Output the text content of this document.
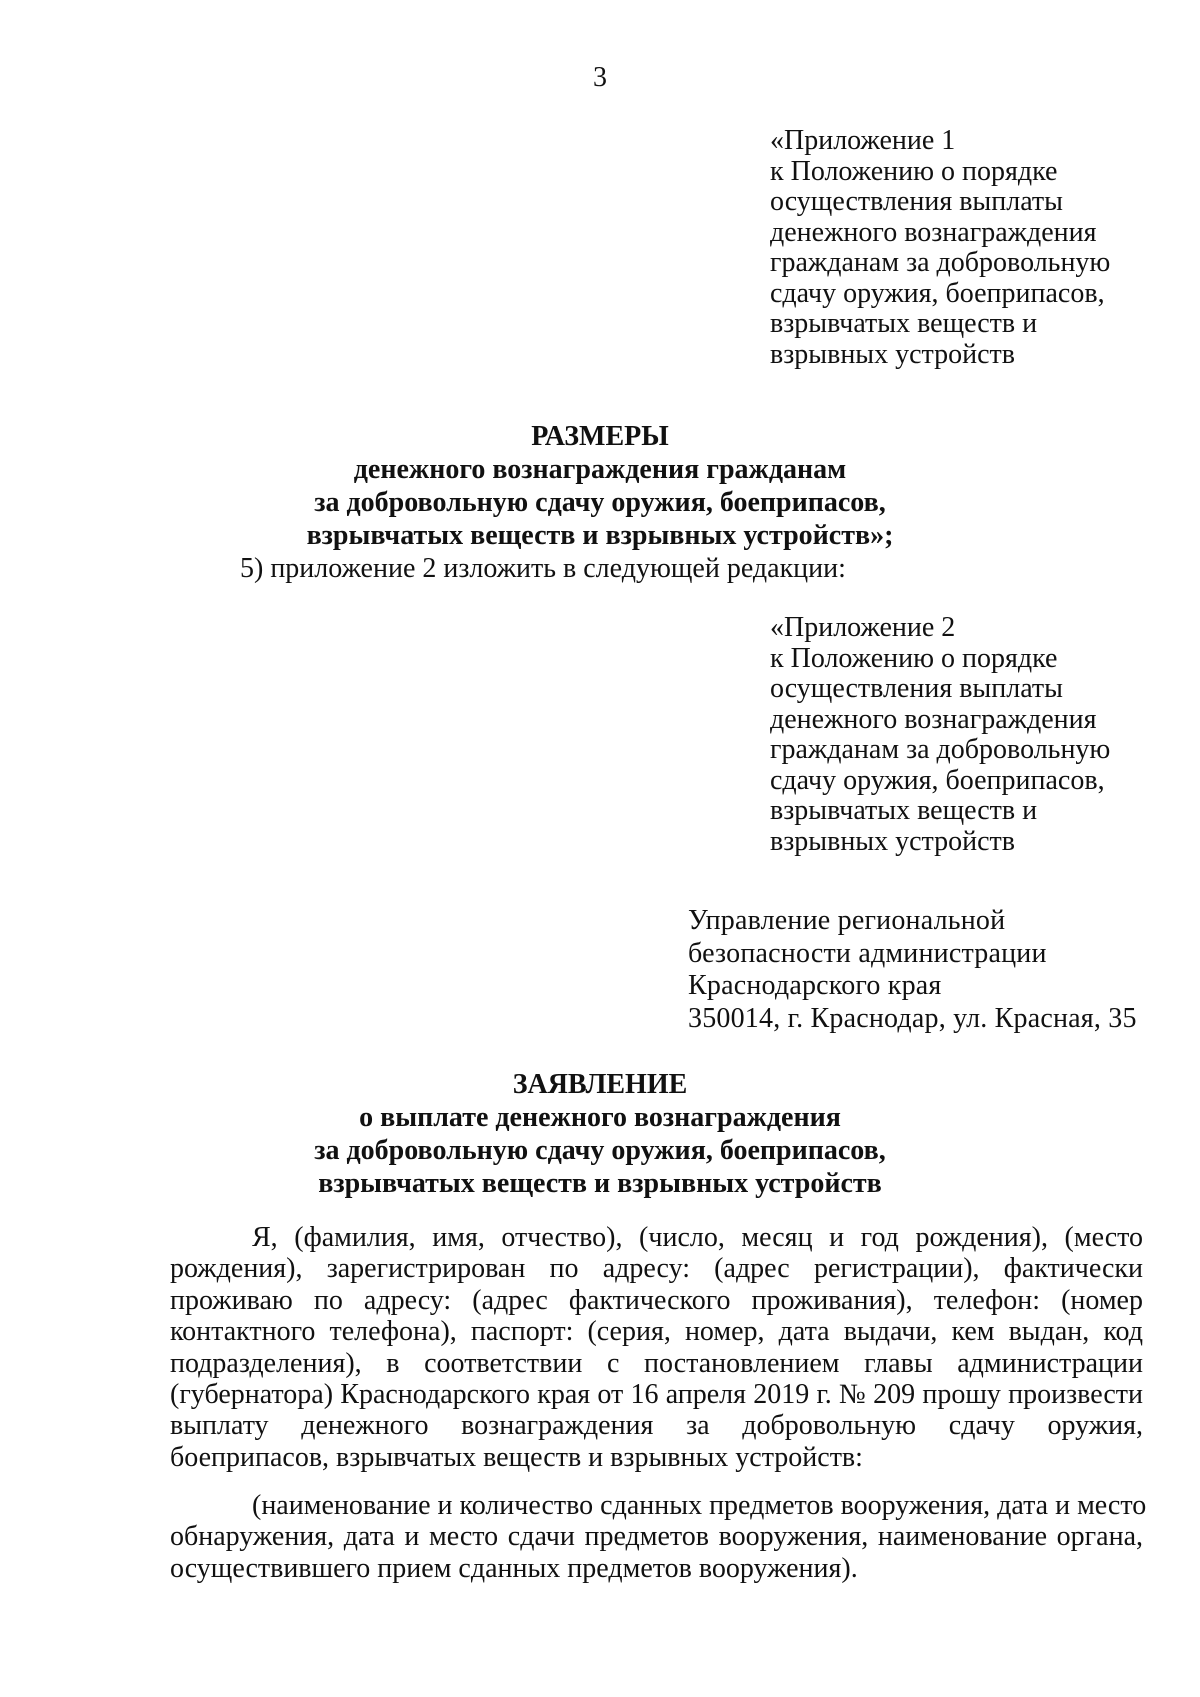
3
«Приложение 1
к Положению о порядке
осуществления выплаты
денежного вознаграждения
гражданам за добровольную
сдачу оружия, боеприпасов,
взрывчатых веществ и
взрывных устройств
РАЗМЕРЫ
денежного вознаграждения гражданам
за добровольную сдачу оружия, боеприпасов,
взрывчатых веществ и взрывных устройств»;
5) приложение 2 изложить в следующей редакции:
«Приложение 2
к Положению о порядке
осуществления выплаты
денежного вознаграждения
гражданам за добровольную
сдачу оружия, боеприпасов,
взрывчатых веществ и
взрывных устройств
Управление региональной
безопасности администрации
Краснодарского края
350014, г. Краснодар, ул. Красная, 35
ЗАЯВЛЕНИЕ
о выплате денежного вознаграждения
за добровольную сдачу оружия, боеприпасов,
взрывчатых веществ и взрывных устройств
Я, (фамилия, имя, отчество), (число, месяц и год рождения), (место
рождения), зарегистрирован по адресу: (адрес регистрации), фактически
проживаю по адресу: (адрес фактического проживания), телефон: (номер
контактного телефона), паспорт: (серия, номер, дата выдачи, кем выдан, код
подразделения), в соответствии с постановлением главы администрации
(губернатора) Краснодарского края от 16 апреля 2019 г. № 209 прошу произвести
выплату денежного вознаграждения за добровольную сдачу оружия,
боеприпасов, взрывчатых веществ и взрывных устройств:
(наименование и количество сданных предметов вооружения, дата и место
обнаружения, дата и место сдачи предметов вооружения, наименование органа,
осуществившего прием сданных предметов вооружения).
